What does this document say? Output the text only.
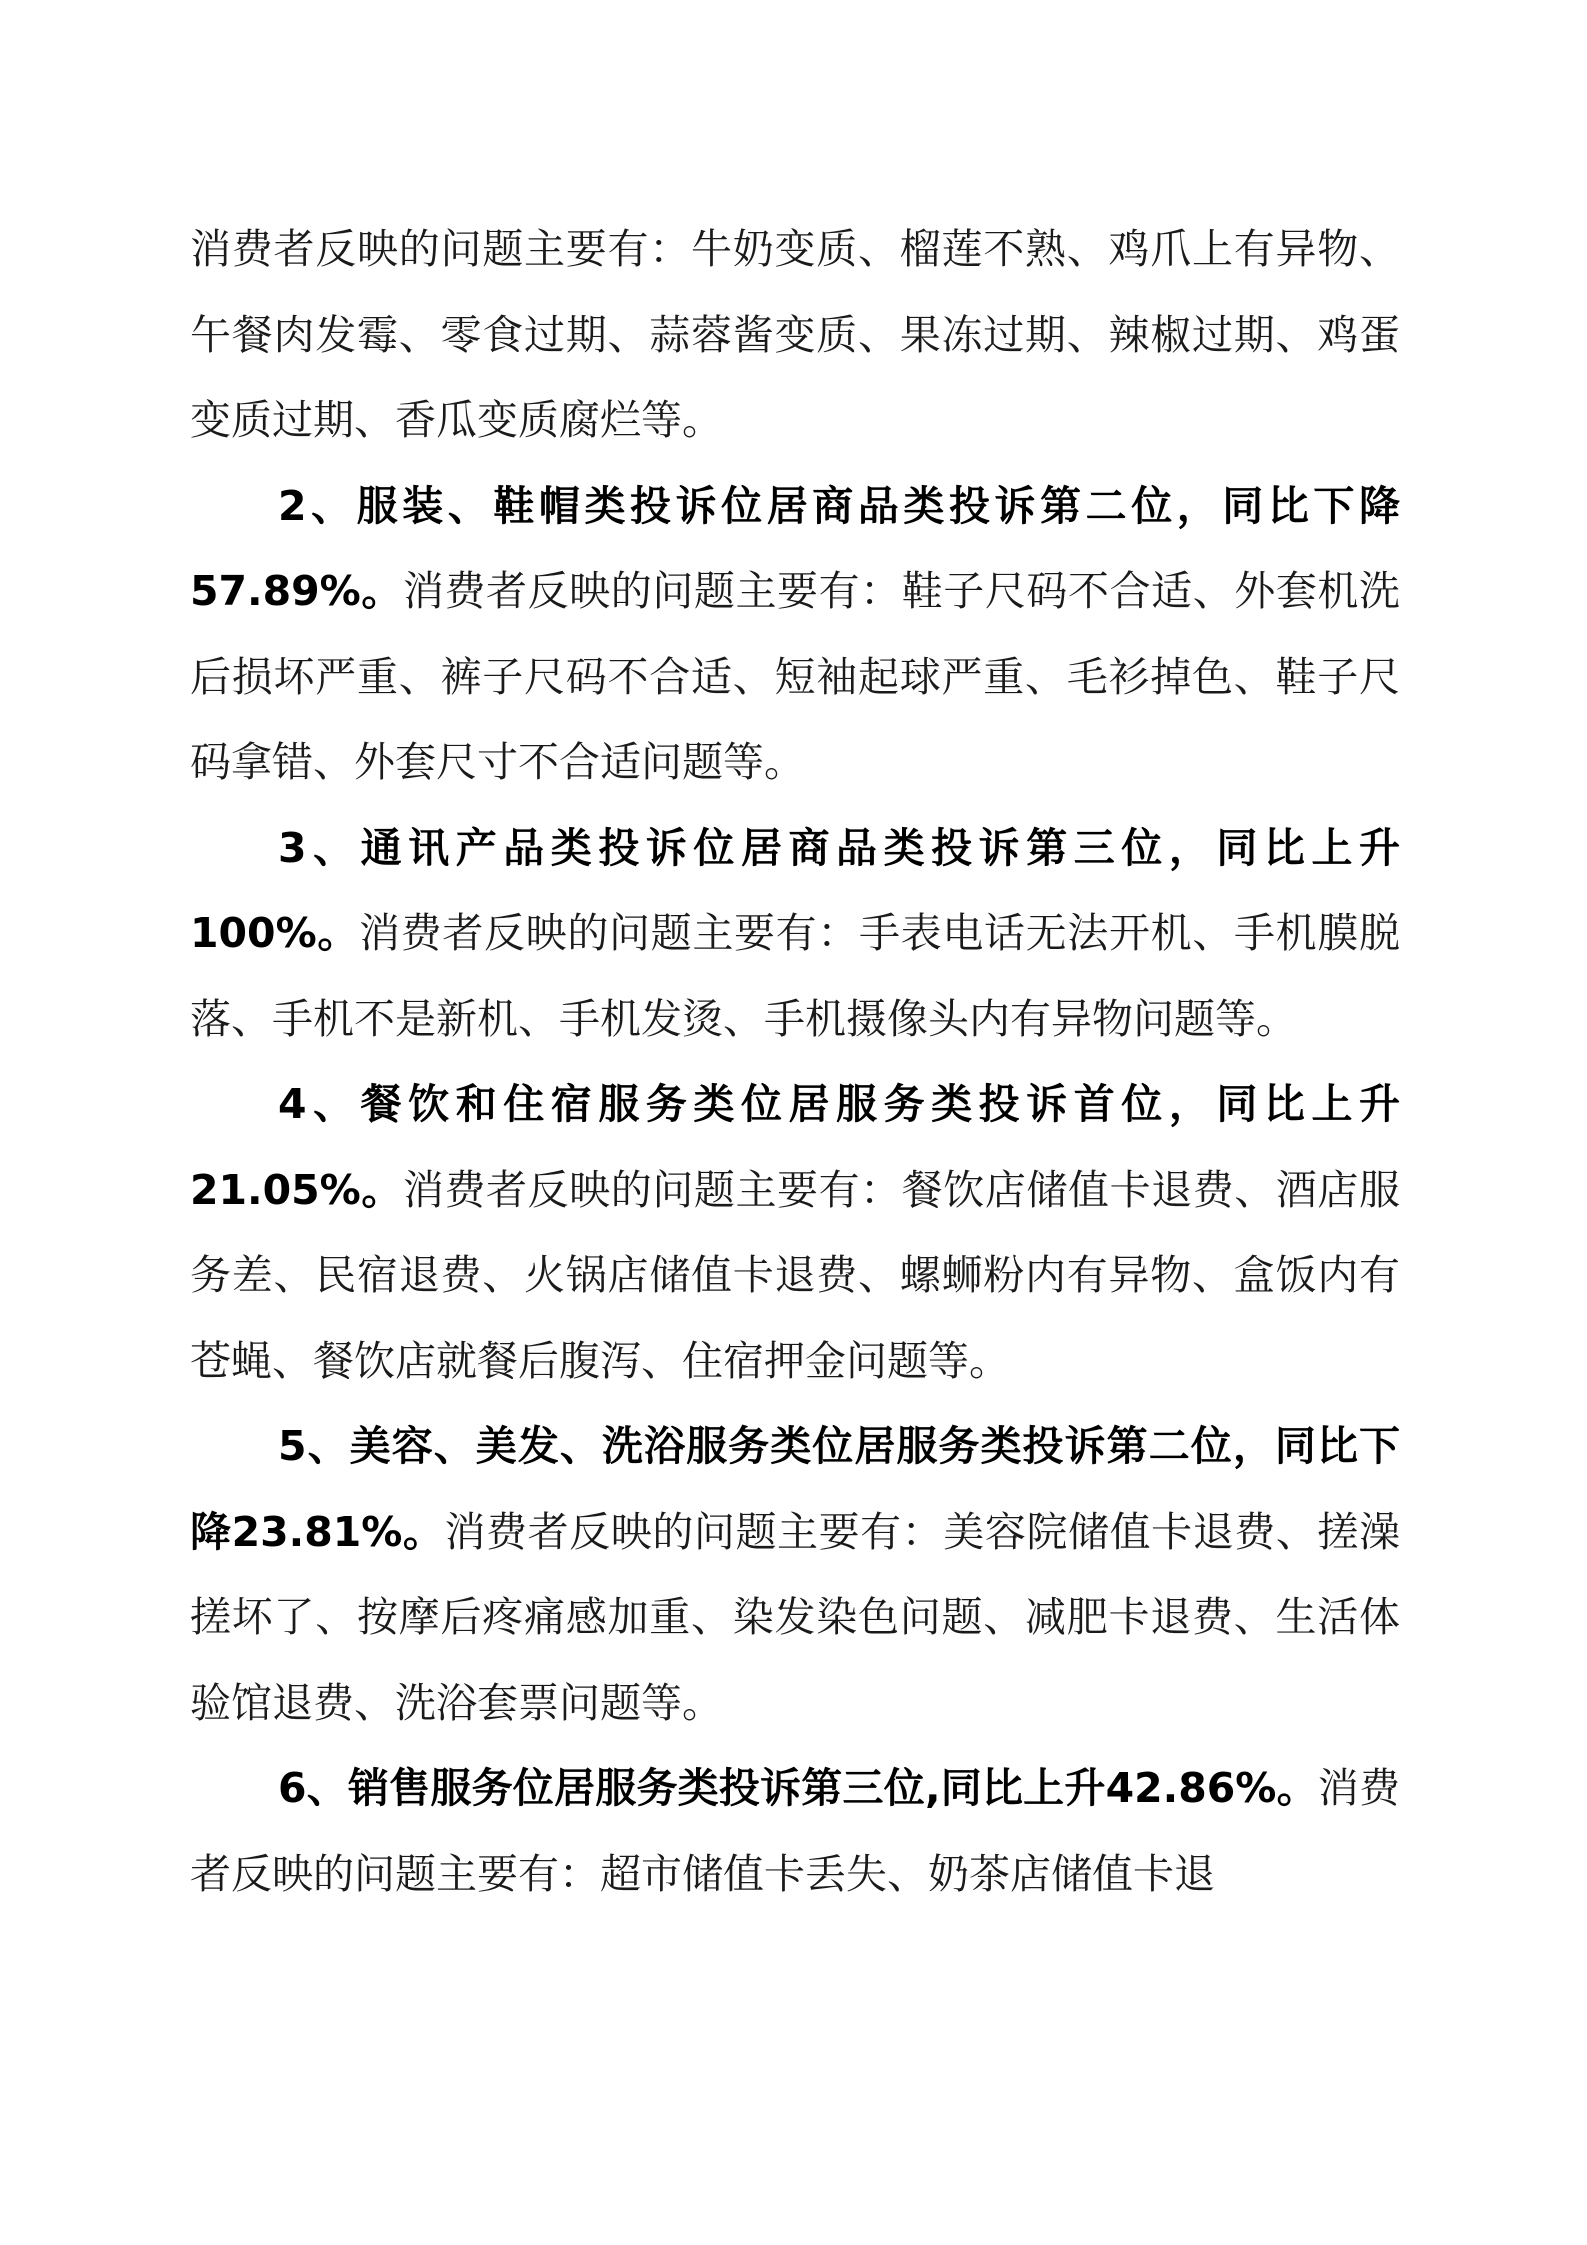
消费者反映的问题主要有：牛奶变质、榴莲不熟、鸡爪上有异物、午餐肉发霉、零食过期、蒜蓉酱变质、果冻过期、辣椒过期、鸡蛋变质过期、香瓜变质腐烂等。

2、服装、鞋帽类投诉位居商品类投诉第二位，同比下降57.89%。消费者反映的问题主要有：鞋子尺码不合适、外套机洗后损坏严重、裤子尺码不合适、短袖起球严重、毛衫掉色、鞋子尺码拿错、外套尺寸不合适问题等。

3、通讯产品类投诉位居商品类投诉第三位，同比上升100%。消费者反映的问题主要有：手表电话无法开机、手机膜脱落、手机不是新机、手机发烫、手机摄像头内有异物问题等。

4、餐饮和住宿服务类位居服务类投诉首位，同比上升21.05%。消费者反映的问题主要有：餐饮店储值卡退费、酒店服务差、民宿退费、火锅店储值卡退费、螺蛳粉内有异物、盒饭内有苍蝇、餐饮店就餐后腹泻、住宿押金问题等。

5、美容、美发、洗浴服务类位居服务类投诉第二位，同比下降23.81%。消费者反映的问题主要有：美容院储值卡退费、搓澡搓坏了、按摩后疼痛感加重、染发染色问题、减肥卡退费、生活体验馆退费、洗浴套票问题等。

6、销售服务位居服务类投诉第三位,同比上升42.86%。消费者反映的问题主要有：超市储值卡丢失、奶茶店储值卡退
